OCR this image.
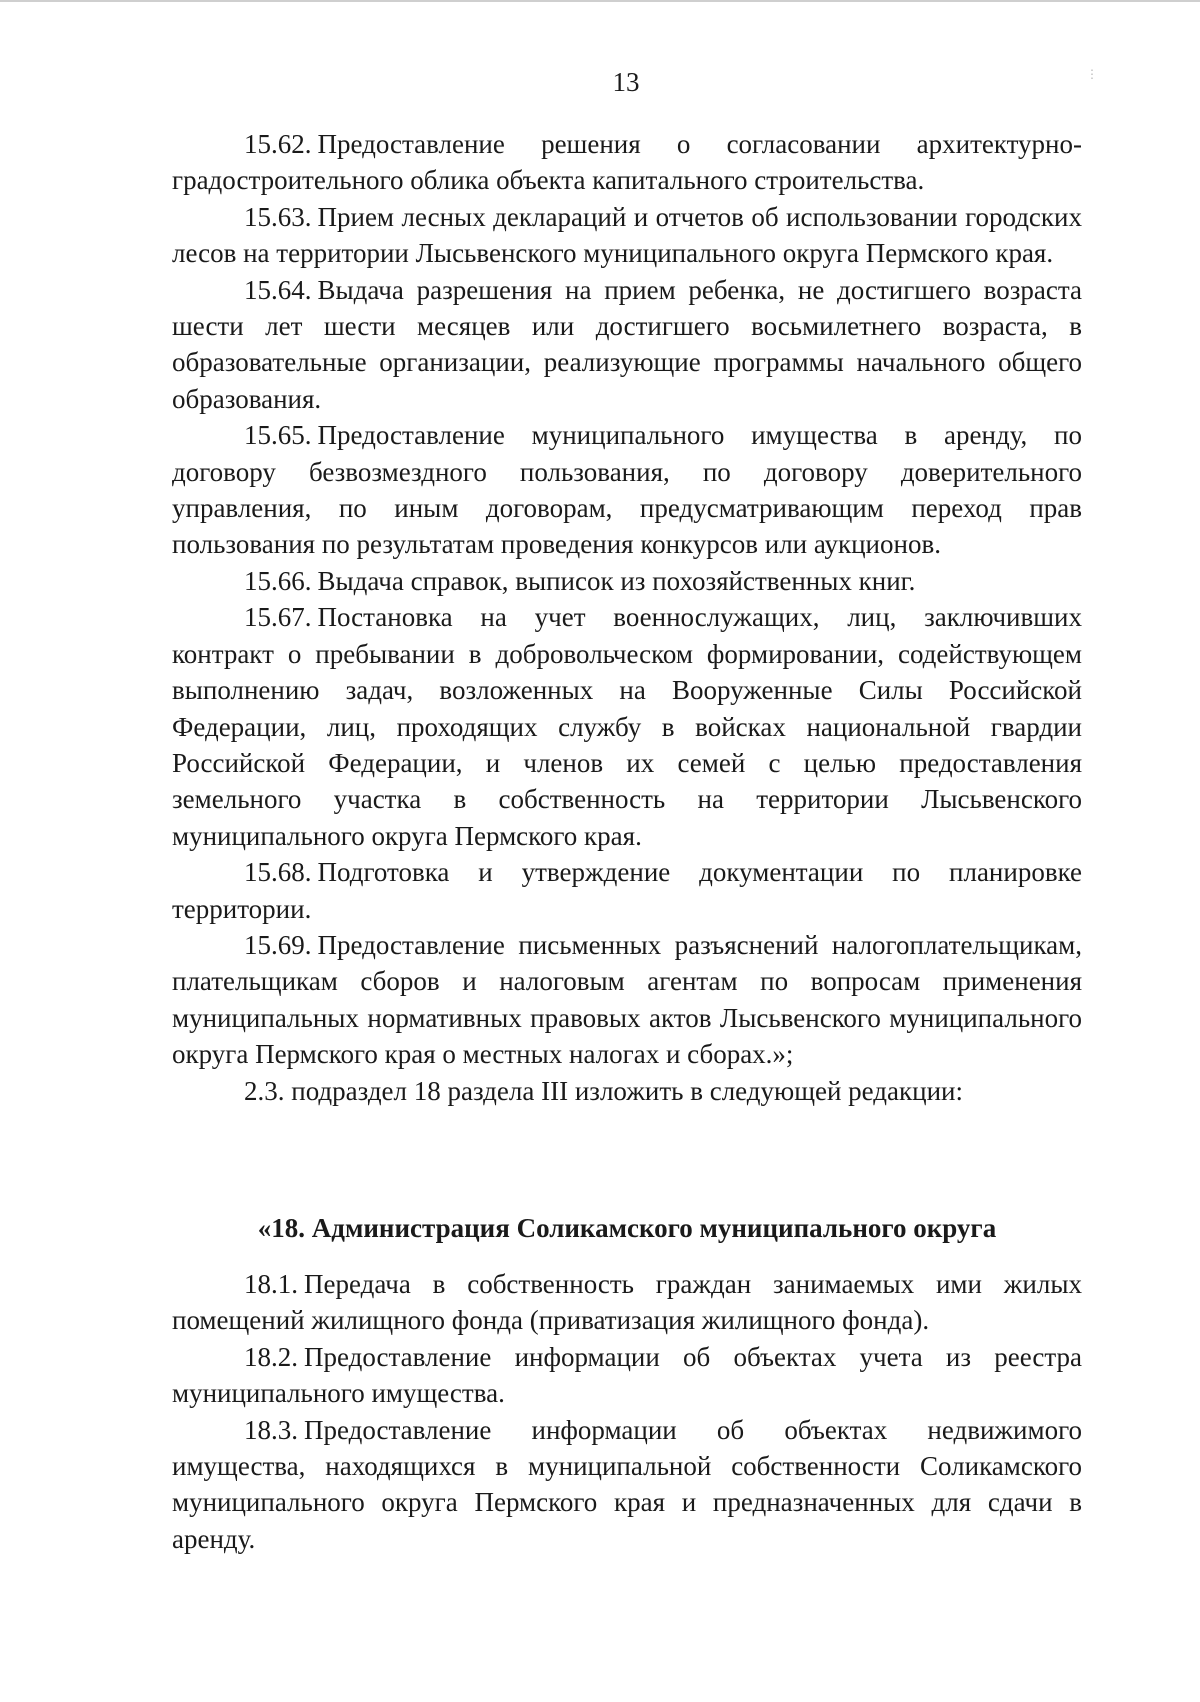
⋮
13

15.62. Предоставление решения о согласовании архитектурно-градостроительного облика объекта капитального строительства.

15.63. Прием лесных деклараций и отчетов об использовании городских лесов на территории Лысьвенского муниципального округа Пермского края.

15.64. Выдача разрешения на прием ребенка, не достигшего возраста шести лет шести месяцев или достигшего восьмилетнего возраста, в образовательные организации, реализующие программы начального общего образования.

15.65. Предоставление муниципального имущества в аренду, по договору безвозмездного пользования, по договору доверительного управления, по иным договорам, предусматривающим переход прав пользования по результатам проведения конкурсов или аукционов.

15.66. Выдача справок, выписок из похозяйственных книг.

15.67. Постановка на учет военнослужащих, лиц, заключивших контракт о пребывании в добровольческом формировании, содействующем выполнению задач, возложенных на Вооруженные Силы Российской Федерации, лиц, проходящих службу в войсках национальной гвардии Российской Федерации, и членов их семей с целью предоставления земельного участка в собственность на территории Лысьвенского муниципального округа Пермского края.

15.68. Подготовка и утверждение документации по планировке территории.

15.69. Предоставление письменных разъяснений налогоплательщикам, плательщикам сборов и налоговым агентам по вопросам применения муниципальных нормативных правовых актов Лысьвенского муниципального округа Пермского края о местных налогах и сборах.»;

2.3. подраздел 18 раздела III изложить в следующей редакции:

«18. Администрация Соликамского муниципального округа

18.1. Передача в собственность граждан занимаемых ими жилых помещений жилищного фонда (приватизация жилищного фонда).

18.2. Предоставление информации об объектах учета из реестра муниципального имущества.

18.3. Предоставление информации об объектах недвижимого имущества, находящихся в муниципальной собственности Соликамского муниципального округа Пермского края и предназначенных для сдачи в аренду.
